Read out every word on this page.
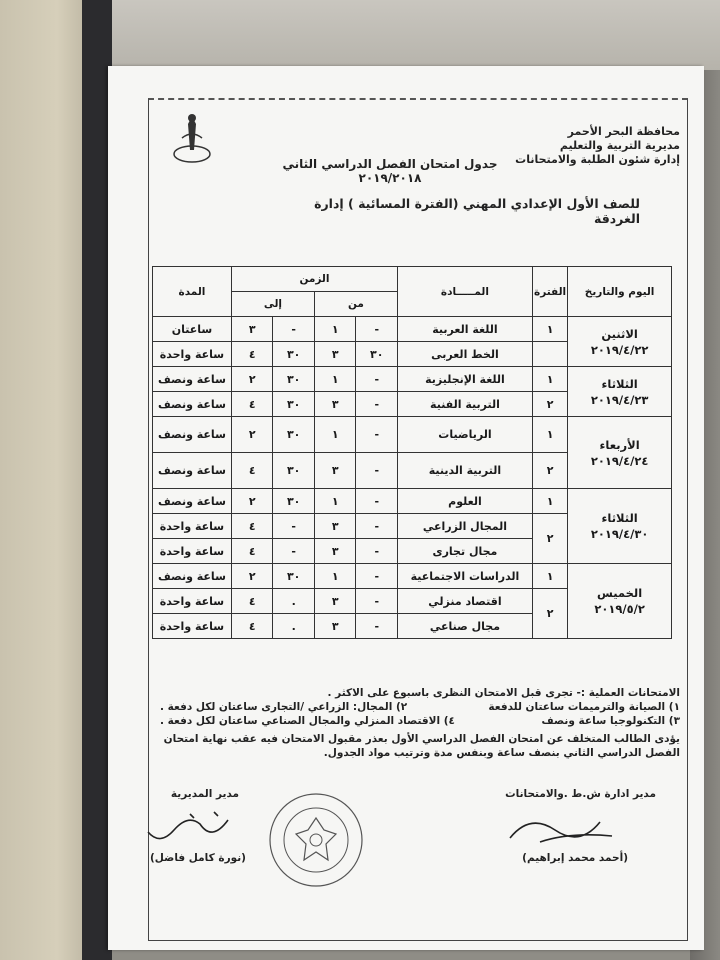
محافظة البحر الأحمر
مديرية التربية والتعليم
إدارة شئون الطلبة والامتحانات
جدول امتحان الفصل الدراسي الثاني ٢٠١٩/٢٠١٨
للصف الأول الإعدادي المهني (الفترة المسائية ) إدارة الغردقة
اليوم والتاريخ	الفترة	المـــــادة	الزمن				المدة
			من		إلى		

الاثنين
٢٠١٩/٤/٢٢	١	اللغة العربية	-	١	-	٣	ساعتان
		الخط العربى	٣٠	٣	٣٠	٤	ساعة واحدة

الثلاثاء
٢٠١٩/٤/٢٣	١	اللغة الإنجليزية	-	١	٣٠	٢	ساعة ونصف
	٢	التربية الفنية	-	٣	٣٠	٤	ساعة ونصف

الأربعاء
٢٠١٩/٤/٢٤	١	الرياضيات	-	١	٣٠	٢	ساعة ونصف
	٢	التربية الدينية	-	٣	٣٠	٤	ساعة ونصف

الثلاثاء
٢٠١٩/٤/٣٠	١	العلوم	-	١	٣٠	٢	ساعة ونصف
	٢	المجال الزراعي	-	٣	-	٤	ساعة واحدة
		مجال تجارى	-	٣	-	٤	ساعة واحدة

الخميس
٢٠١٩/٥/٢	١	الدراسات الاجتماعية	-	١	٣٠	٢	ساعة ونصف
	٢	اقتصاد منزلي	-	٣	.	٤	ساعة واحدة
		مجال صناعي	-	٣	.	٤	ساعة واحدة
الامتحانات العملية :- تجرى قبل الامتحان النظرى باسبوع على الاكثر .
١) الصيانة والترميمات ساعتان للدفعة
٢) المجال: الزراعي /التجارى ساعتان لكل دفعة .
٣) التكنولوجيا ساعة ونصف
٤) الاقتصاد المنزلي والمجال الصناعي ساعتان لكل دفعة .
يؤدى الطالب المتخلف عن امتحان الفصل الدراسي الأول بعذر مقبول الامتحان فيه عقب نهاية امتحان
الفصل الدراسي الثاني بنصف ساعة وبنفس مدة وترتيب مواد الجدول.
مدير ادارة ش.ط .والامتحانات
مدير المديرية
(أحمد محمد إبراهيم)
(نورة كامل فاضل)
